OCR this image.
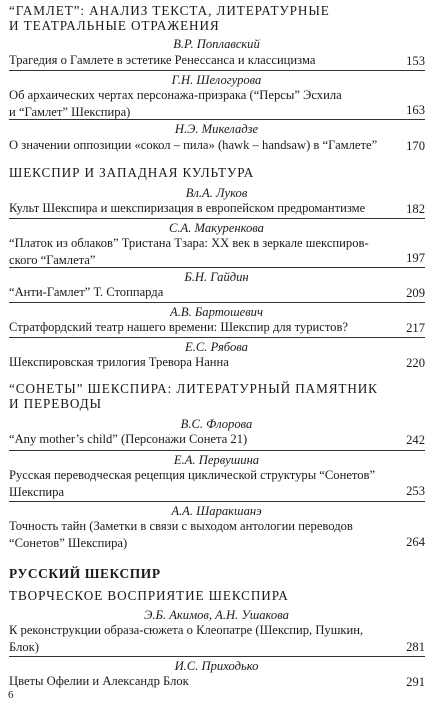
“ГАМЛЕТ”: АНАЛИЗ ТЕКСТА, ЛИТЕРАТУРНЫЕ
И ТЕАТРАЛЬНЫЕ ОТРАЖЕНИЯ
В.Р. Поплавский
Трагедия о Гамлете в эстетике Ренессанса и классицизма	153
Г.Н. Шелогурова
Об архаических чертах персонажа-призрака (“Персы” Эсхила
и “Гамлет” Шекспира)	163
Н.Э. Микеладзе
О значении оппозиции «сокол – пила» (hawk – handsaw) в “Гамлете”	170
ШЕКСПИР И ЗАПАДНАЯ КУЛЬТУРА
Вл.А. Луков
Культ Шекспира и шекспиризация в европейском предромантизме	182
С.А. Макуренкова
“Платок из облаков” Тристана Тзара: XX век в зеркале шекспиров-
ского “Гамлета”	197
Б.Н. Гайдин
“Анти-Гамлет” Т. Стоппарда	209
А.В. Бартошевич
Стратфордский театр нашего времени: Шекспир для туристов?	217
Е.С. Рябова
Шекспировская трилогия Тревора Нанна	220
“СОНЕТЫ” ШЕКСПИРА: ЛИТЕРАТУРНЫЙ ПАМЯТНИК
И ПЕРЕВОДЫ
В.С. Флорова
“Any mother’s child” (Персонажи Сонета 21)	242
Е.А. Первушина
Русская переводческая рецепция циклической структуры “Сонетов”
Шекспира	253
А.А. Шаракшанэ
Точность тайн (Заметки в связи с выходом антологии переводов
“Сонетов” Шекспира)	264
РУССКИЙ ШЕКСПИР
ТВОРЧЕСКОЕ ВОСПРИЯТИЕ ШЕКСПИРА
Э.Б. Акимов, А.Н. Ушакова
К реконструкции образа-сюжета о Клеопатре (Шекспир, Пушкин,
Блок)	281
И.С. Приходько
Цветы Офелии и Александр Блок	291
6
